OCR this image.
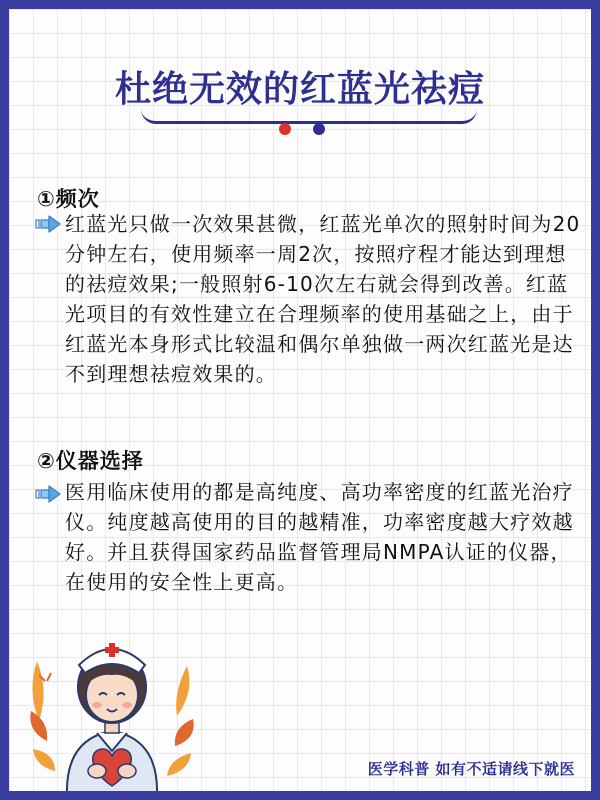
杜绝无效的红蓝光祛痘
①频次

红蓝光只做一次效果甚微，红蓝光单次的照射时间为20分钟左右，使用频率一周2次，按照疗程才能达到理想的祛痘效果;一般照射6-10次左右就会得到改善。红蓝光项目的有效性建立在合理频率的使用基础之上，由于红蓝光本身形式比较温和偶尔单独做一两次红蓝光是达不到理想祛痘效果的。

②仪器选择

医用临床使用的都是高纯度、高功率密度的红蓝光治疗仪。纯度越高使用的目的越精准，功率密度越大疗效越好。并且获得国家药品监督管理局NMPA认证的仪器，在使用的安全性上更高。

医学科普 如有不适请线下就医
